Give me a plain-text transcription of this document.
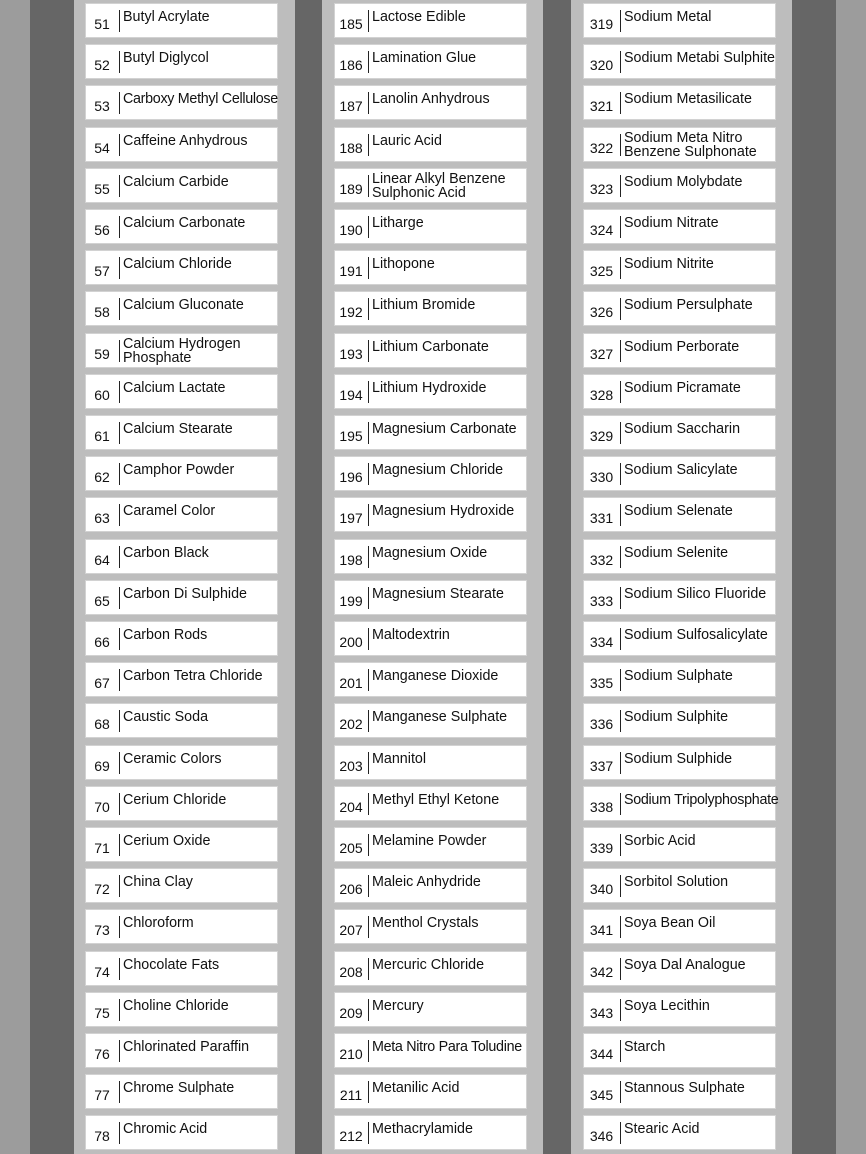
51 Butyl Acrylate
52 Butyl Diglycol
53 Carboxy Methyl Cellulose
54 Caffeine Anhydrous
55 Calcium Carbide
56 Calcium Carbonate
57 Calcium Chloride
58 Calcium Gluconate
59
Calcium Hydrogen Phosphate
60 Calcium Lactate
61 Calcium Stearate
62 Camphor Powder
63 Caramel Color
64 Carbon Black
65 Carbon Di Sulphide
66 Carbon Rods
67 Carbon Tetra Chloride
68 Caustic Soda
69 Ceramic Colors
70 Cerium Chloride
71 Cerium Oxide
72 China Clay
73 Chloroform
74 Chocolate Fats
75 Choline Chloride
76 Chlorinated Paraffin
77 Chrome Sulphate
78 Chromic Acid
185 Lactose Edible
186 Lamination Glue
187 Lanolin Anhydrous
188 Lauric Acid
189
Linear Alkyl Benzene Sulphonic Acid
190 Litharge
191 Lithopone
192 Lithium Bromide
193 Lithium Carbonate
194 Lithium Hydroxide
195 Magnesium Carbonate
196 Magnesium Chloride
197 Magnesium Hydroxide
198 Magnesium Oxide
199 Magnesium Stearate
200 Maltodextrin
201 Manganese Dioxide
202 Manganese Sulphate
203 Mannitol
204 Methyl Ethyl Ketone
205 Melamine Powder
206 Maleic Anhydride
207 Menthol Crystals
208 Mercuric Chloride
209 Mercury
210 Meta Nitro Para Toludine
211 Metanilic Acid
212 Methacrylamide
319 Sodium Metal
320 Sodium Metabi Sulphite
321 Sodium Metasilicate
322
Sodium Meta Nitro Benzene Sulphonate
323 Sodium Molybdate
324 Sodium Nitrate
325 Sodium Nitrite
326 Sodium Persulphate
327 Sodium Perborate
328 Sodium Picramate
329 Sodium Saccharin
330 Sodium Salicylate
331 Sodium Selenate
332 Sodium Selenite
333 Sodium Silico Fluoride
334 Sodium Sulfosalicylate
335 Sodium Sulphate
336 Sodium Sulphite
337 Sodium Sulphide
338 Sodium Tripolyphosphate
339 Sorbic Acid
340 Sorbitol Solution
341 Soya Bean Oil
342 Soya Dal Analogue
343 Soya Lecithin
344 Starch
345 Stannous Sulphate
346 Stearic Acid
